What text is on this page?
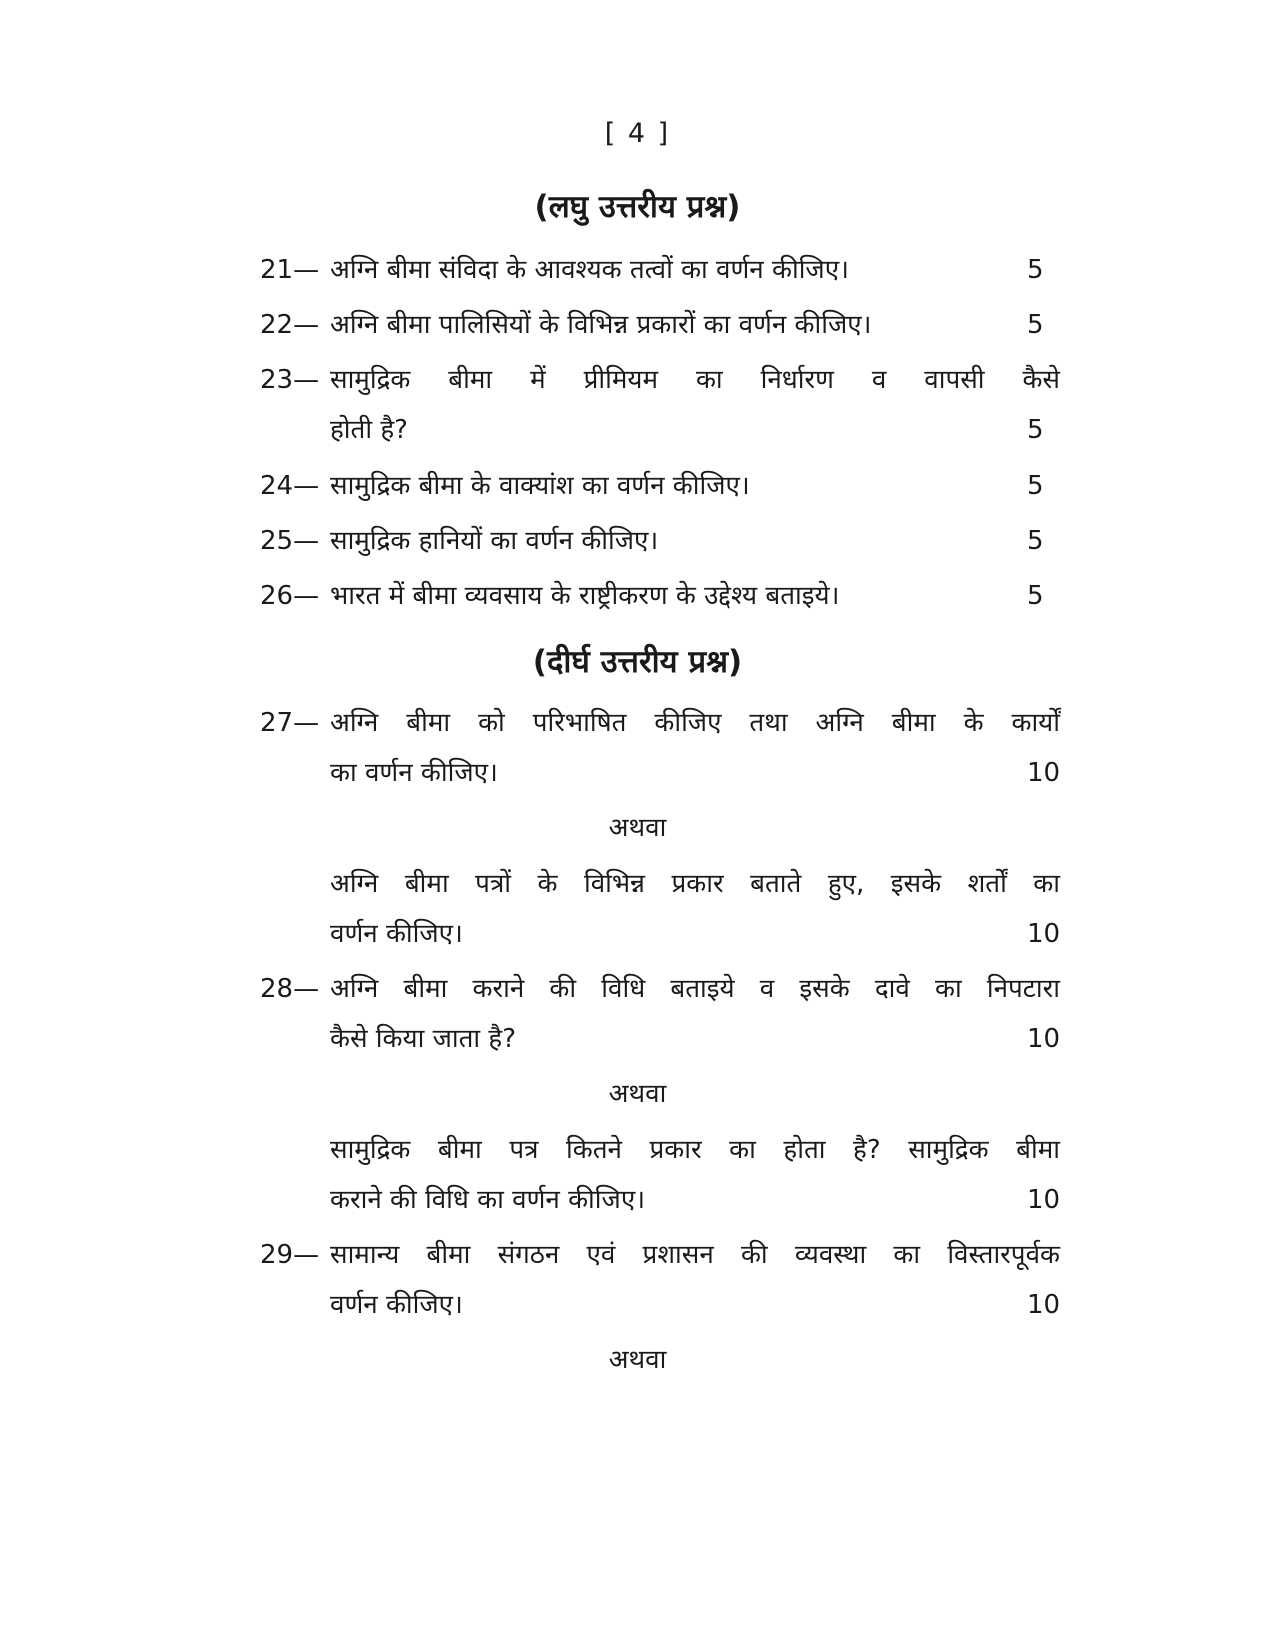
[ 4 ]
(लघु उत्तरीय प्रश्न)
21— अग्नि बीमा संविदा के आवश्यक तत्वों का वर्णन कीजिए।	5
22— अग्नि बीमा पालिसियों के विभिन्न प्रकारों का वर्णन कीजिए।	5
23— सामुद्रिक बीमा में प्रीमियम का निर्धारण व वापसी कैसे
होती है?	5
24— सामुद्रिक बीमा के वाक्यांश का वर्णन कीजिए।	5
25— सामुद्रिक हानियों का वर्णन कीजिए।	5
26— भारत में बीमा व्यवसाय के राष्ट्रीकरण के उद्देश्य बताइये।	5
(दीर्घ उत्तरीय प्रश्न)
27— अग्नि बीमा को परिभाषित कीजिए तथा अग्नि बीमा के कार्यों
का वर्णन कीजिए।	10
अथवा
अग्नि बीमा पत्रों के विभिन्न प्रकार बताते हुए, इसके शर्तों का
वर्णन कीजिए।	10
28— अग्नि बीमा कराने की विधि बताइये व इसके दावे का निपटारा
कैसे किया जाता है?	10
अथवा
सामुद्रिक बीमा पत्र कितने प्रकार का होता है? सामुद्रिक बीमा
कराने की विधि का वर्णन कीजिए।	10
29— सामान्य बीमा संगठन एवं प्रशासन की व्यवस्था का विस्तारपूर्वक
वर्णन कीजिए।	10
अथवा
